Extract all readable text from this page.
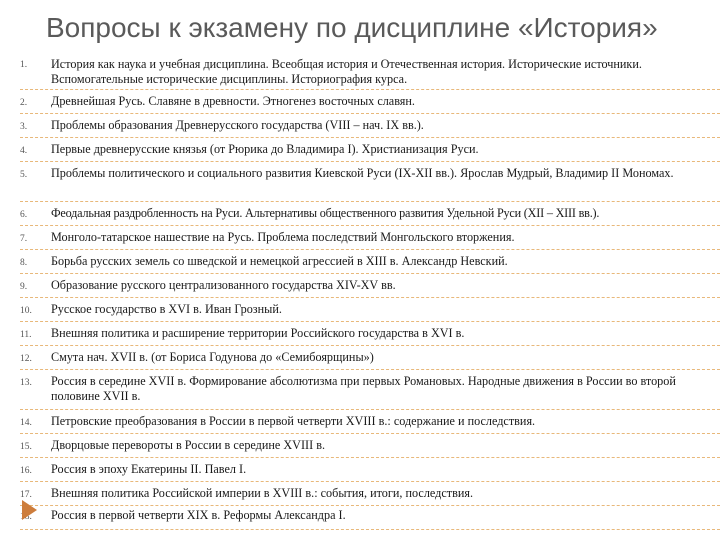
Вопросы к экзамену по дисциплине «История»
1.	История как наука и учебная дисциплина. Всеобщая история и Отечественная история. Исторические источники. Вспомогательные исторические дисциплины. Историография курса.
2.	Древнейшая Русь. Славяне в древности. Этногенез восточных славян.
3.	Проблемы образования Древнерусского государства (VIII – нач. IX вв.).
4.	Первые древнерусские князья (от Рюрика до Владимира I). Христианизация Руси.
5.	Проблемы политического и социального развития Киевской Руси (IX-XII вв.). Ярослав Мудрый, Владимир II Мономах.
6.	Феодальная раздробленность на Руси. Альтернативы общественного развития Удельной Руси (XII – XIII вв.).
7.	Монголо-татарское нашествие на Русь. Проблема последствий Монгольского вторжения.
8.	Борьба русских земель со шведской и немецкой агрессией в XIII в. Александр Невский.
9.	Образование русского централизованного государства XIV-XV вв.
10.	Русское государство в XVI в. Иван Грозный.
11.	Внешняя политика и расширение территории Российского государства в XVI в.
12.	Смута нач. XVII в. (от Бориса Годунова до «Семибоярщины»)
13.	Россия в середине XVII в. Формирование абсолютизма при первых Романовых. Народные движения в России во второй половине XVII в.
14.	Петровские преобразования в России в первой четверти XVIII в.: содержание и последствия.
15.	Дворцовые перевороты в России в середине XVIII в.
16.	Россия в эпоху Екатерины II. Павел I.
17.	Внешняя политика Российской империи в XVIII в.: события, итоги, последствия.
18.	Россия в первой четверти XIX в. Реформы Александра I.
